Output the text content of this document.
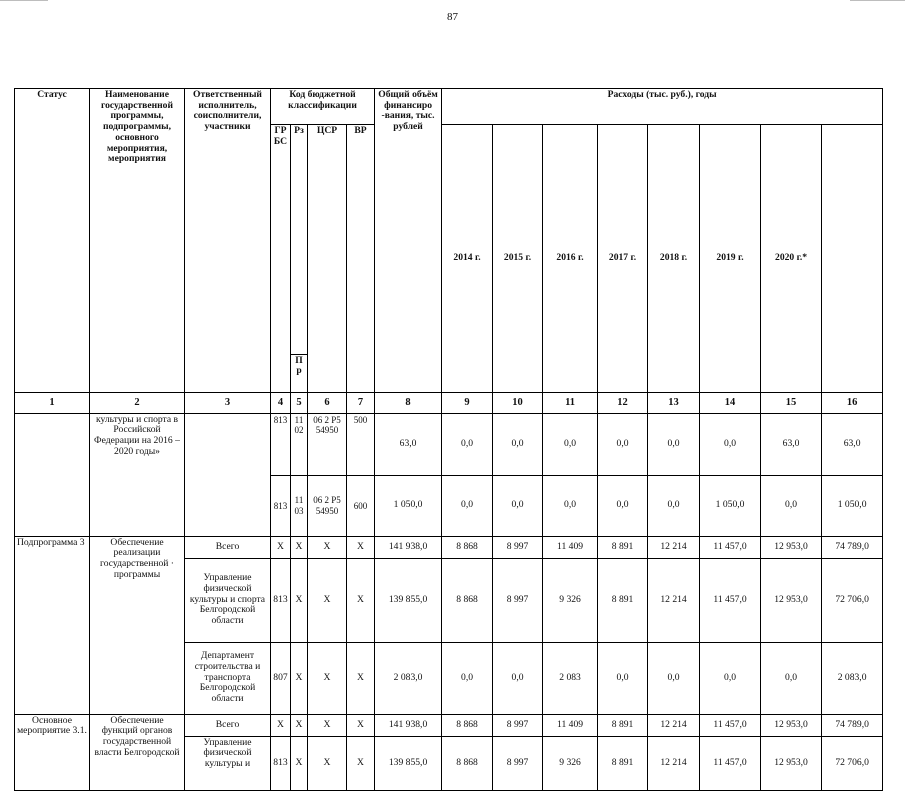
87
Статус	Наименование государственной программы, подпрограммы, основного мероприятия, мероприятия	Ответственный исполнитель, соисполнители, участники	Код бюджетной классификации				Общий объём финансиро -вания, тыс. рублей	Расходы (тыс. руб.), годы	
			ГР БС	Рз	ЦСР	ВР		2014 г.	2015 г.	2016 г.	2017 г.	2018 г.	2019 г.	2020 г.*		
				Пр												
1	2	3	4	5	6	7	8	9	10	11	12	13	14	15	16	
	культуры и спорта в Российской Федерации на 2016 – 2020 годы»		813	11 02	06 2 Р5 54950	500	63,0	0,0	0,0	0,0	0,0	0,0	0,0	63,0	63,0	
			813	11 03	06 2 Р5 54950	600	1 050,0	0,0	0,0	0,0	0,0	0,0	1 050,0	0,0	1 050,0	
Подпрограмма 3	Обеспечение реализации государственной · программы	Всего	Х	Х	Х	Х	141 938,0	8 868	8 997	11 409	8 891	12 214	11 457,0	12 953,0	74 789,0	
		Управление физической культуры и спорта Белгородской области	813	Х	Х	Х	139 855,0	8 868	8 997	9 326	8 891	12 214	11 457,0	12 953,0	72 706,0	
		Департамент строительства и транспорта Белгородской области	807	Х	Х	Х	2 083,0	0,0	0,0	2 083	0,0	0,0	0,0	0,0	2 083,0	
Основное мероприятие 3.1.	Обеспечение функций органов государственной власти Белгородской	Всего	Х	Х	Х	Х	141 938,0	8 868	8 997	11 409	8 891	12 214	11 457,0	12 953,0	74 789,0	
		Управление физической культуры и	813	Х	Х	Х	139 855,0	8 868	8 997	9 326	8 891	12 214	11 457,0	12 953,0	72 706,0	
